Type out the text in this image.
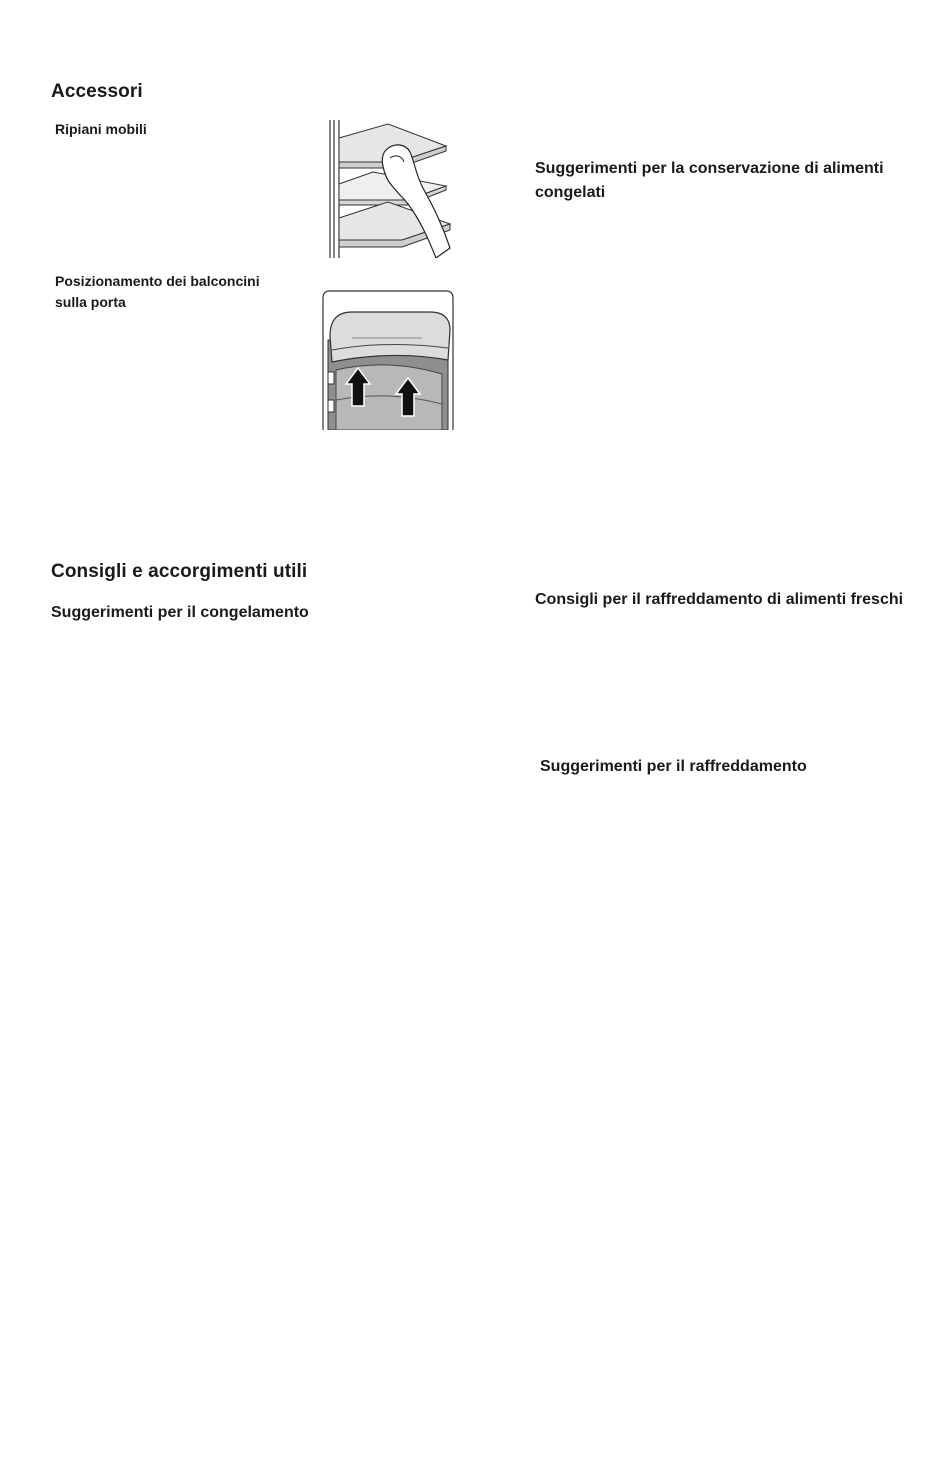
Accessori
Ripiani mobili
Posizionamento dei balconcini
sulla porta
Consigli e accorgimenti utili
Suggerimenti per il congelamento
Suggerimenti per la conservazione di alimenti
congelati
Consigli per il raffreddamento di alimenti freschi
Suggerimenti per il raffreddamento
